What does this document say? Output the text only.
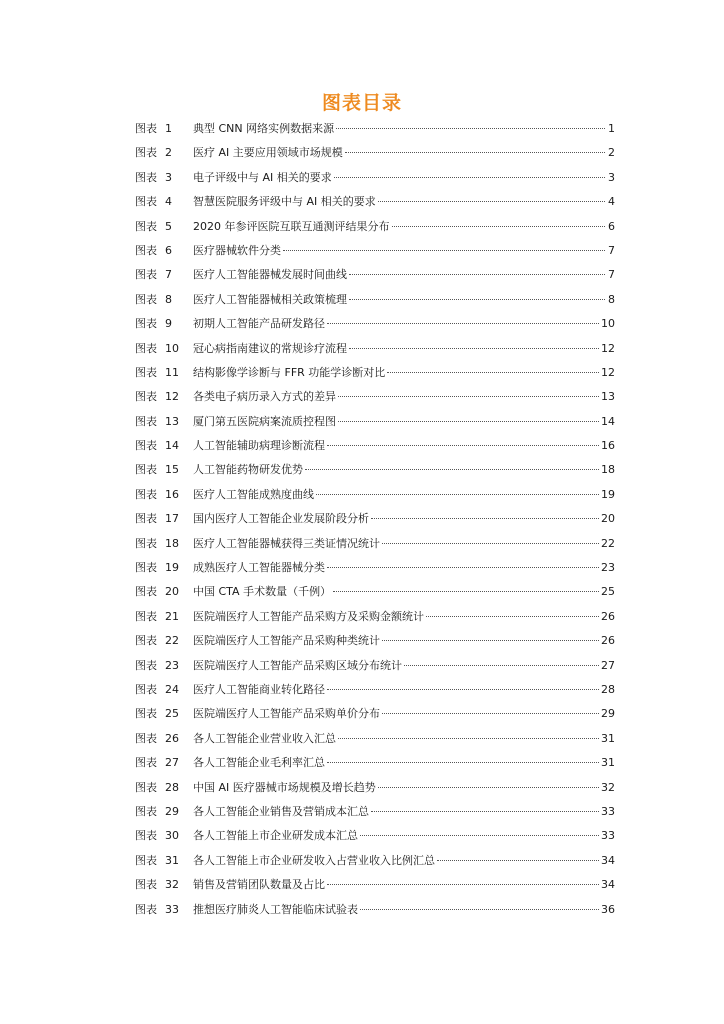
图表目录
图表 1	典型 CNN 网络实例数据来源	1
图表 2	医疗 AI 主要应用领域市场规模	2
图表 3	电子评级中与 AI 相关的要求	3
图表 4	智慧医院服务评级中与 AI 相关的要求	4
图表 5	2020 年参评医院互联互通测评结果分布	6
图表 6	医疗器械软件分类	7
图表 7	医疗人工智能器械发展时间曲线	7
图表 8	医疗人工智能器械相关政策梳理	8
图表 9	初期人工智能产品研发路径	10
图表 10	冠心病指南建议的常规诊疗流程	12
图表 11	结构影像学诊断与 FFR 功能学诊断对比	12
图表 12	各类电子病历录入方式的差异	13
图表 13	厦门第五医院病案流质控程图	14
图表 14	人工智能辅助病理诊断流程	16
图表 15	人工智能药物研发优势	18
图表 16	医疗人工智能成熟度曲线	19
图表 17	国内医疗人工智能企业发展阶段分析	20
图表 18	医疗人工智能器械获得三类证情况统计	22
图表 19	成熟医疗人工智能器械分类	23
图表 20	中国 CTA 手术数量（千例）	25
图表 21	医院端医疗人工智能产品采购方及采购金额统计	26
图表 22	医院端医疗人工智能产品采购种类统计	26
图表 23	医院端医疗人工智能产品采购区域分布统计	27
图表 24	医疗人工智能商业转化路径	28
图表 25	医院端医疗人工智能产品采购单价分布	29
图表 26	各人工智能企业营业收入汇总	31
图表 27	各人工智能企业毛利率汇总	31
图表 28	中国 AI 医疗器械市场规模及增长趋势	32
图表 29	各人工智能企业销售及营销成本汇总	33
图表 30	各人工智能上市企业研发成本汇总	33
图表 31	各人工智能上市企业研发收入占营业收入比例汇总	34
图表 32	销售及营销团队数量及占比	34
图表 33	推想医疗肺炎人工智能临床试验表	36
